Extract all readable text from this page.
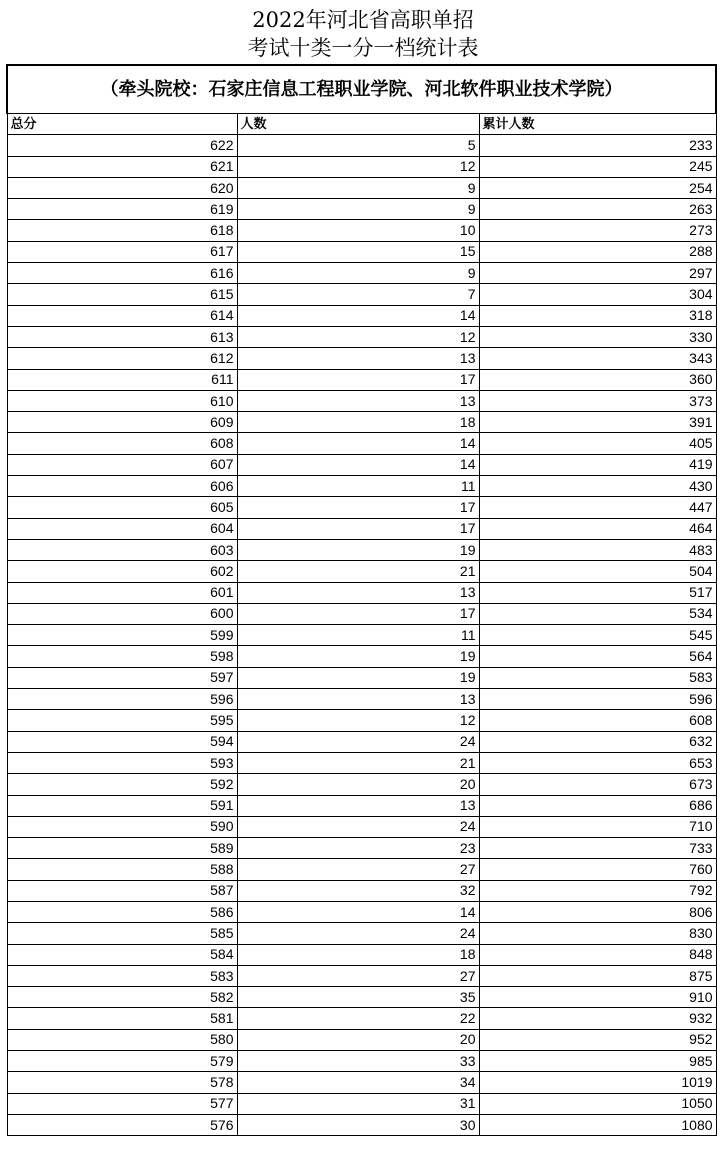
2022年河北省高职单招
考试十类一分一档统计表
（牵头院校：石家庄信息工程职业学院、河北软件职业技术学院）		
总分	人数	累计人数
622	5	233
621	12	245
620	9	254
619	9	263
618	10	273
617	15	288
616	9	297
615	7	304
614	14	318
613	12	330
612	13	343
611	17	360
610	13	373
609	18	391
608	14	405
607	14	419
606	11	430
605	17	447
604	17	464
603	19	483
602	21	504
601	13	517
600	17	534
599	11	545
598	19	564
597	19	583
596	13	596
595	12	608
594	24	632
593	21	653
592	20	673
591	13	686
590	24	710
589	23	733
588	27	760
587	32	792
586	14	806
585	24	830
584	18	848
583	27	875
582	35	910
581	22	932
580	20	952
579	33	985
578	34	1019
577	31	1050
576	30	1080
